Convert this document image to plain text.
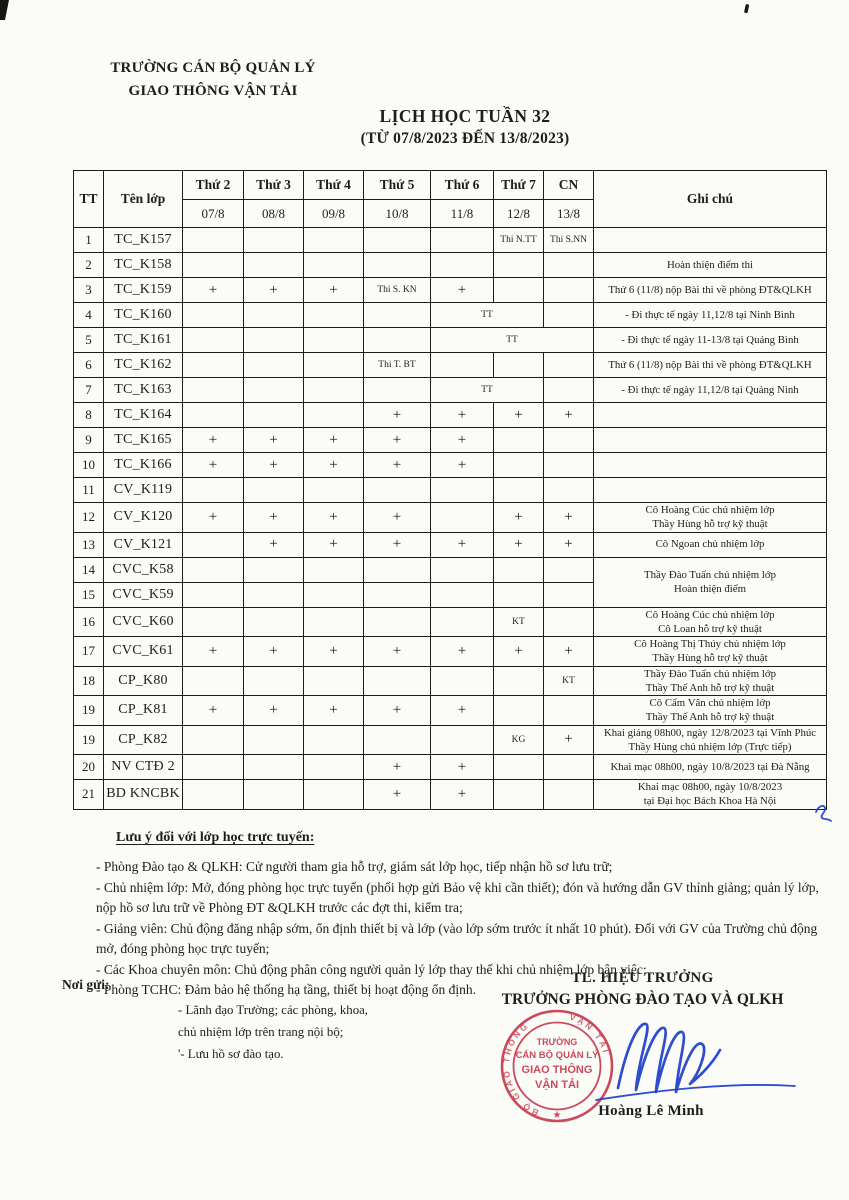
TRƯỜNG CÁN BỘ QUẢN LÝ
GIAO THÔNG VẬN TẢI
LỊCH HỌC TUẦN 32
(TỪ 07/8/2023 ĐẾN 13/8/2023)
TT	Tên lớp	Thứ 2	Thứ 3	Thứ 4	Thứ 5	Thứ 6	Thứ 7	CN	Ghi chú
		07/8	08/8	09/8	10/8	11/8	12/8	13/8	
1	TC_K157						Thi N.TT	Thi S.NN	
2	TC_K158								Hoàn thiện điểm thi

3	TC_K159	+	+	+	Thi S. KN	+			Thứ 6 (11/8) nộp Bài thi về phòng ĐT&QLKH

4	TC_K160					TT			- Đi thực tế ngày 11,12/8 tại Ninh Bình

5	TC_K161					TT			- Đi thực tế ngày 11-13/8 tại Quảng Bình

6	TC_K162				Thi T. BT				Thứ 6 (11/8) nộp Bài thi về phòng ĐT&QLKH

7	TC_K163					TT			- Đi thực tế ngày 11,12/8 tại Quảng Ninh

8	TC_K164				+	+	+	+	
9	TC_K165	+	+	+	+	+			
10	TC_K166	+	+	+	+	+			
11	CV_K119								
12	CV_K120	+	+	+	+		+	+	Cô Hoàng Cúc chủ nhiệm lớp
Thầy Hùng hỗ trợ kỹ thuật

13	CV_K121		+	+	+	+	+	+	Cô Ngoan chủ nhiệm lớp

14	CVC_K58								Thầy Đào Tuấn chủ nhiệm lớp
Hoàn thiện điểm

15	CVC_K59								
16	CVC_K60						KT		Cô Hoàng Cúc chủ nhiệm lớp
Cô Loan hỗ trợ kỹ thuật

17	CVC_K61	+	+	+	+	+	+	+	Cô Hoàng Thị Thúy chủ nhiệm lớp
Thầy Hùng hỗ trợ kỹ thuật

18	CP_K80							KT	Thầy Đào Tuấn chủ nhiệm lớp
Thầy Thế Anh hỗ trợ kỹ thuật

19	CP_K81	+	+	+	+	+			Cô Cẩm Vân chủ nhiệm lớp
Thầy Thế Anh hỗ trợ kỹ thuật

19	CP_K82						KG	+	Khai giảng 08h00, ngày 12/8/2023 tại Vĩnh Phúc
Thầy Hùng chủ nhiệm lớp (Trực tiếp)

20	NV CTĐ 2				+	+			Khai mạc 08h00, ngày 10/8/2023 tại Đà Nẵng

21	BD KNCBK				+	+			Khai mạc 08h00, ngày 10/8/2023
tại Đại học Bách Khoa Hà Nội
Lưu ý đối với lớp học trực tuyến:
- Phòng Đào tạo & QLKH: Cử người tham gia hỗ trợ, giám sát lớp học, tiếp nhận hồ sơ lưu trữ;
- Chủ nhiệm lớp: Mở, đóng phòng học trực tuyến (phối hợp gửi Bảo vệ khi cần thiết); đón và hướng dẫn GV thỉnh giảng; quản lý lớp, nộp hồ sơ lưu trữ về Phòng ĐT &QLKH trước các đợt thi, kiểm tra;
- Giảng viên: Chủ động đăng nhập sớm, ổn định thiết bị và lớp (vào lớp sớm trước ít nhất 10 phút). Đối với GV của Trường chủ động mở, đóng phòng học trực tuyến;
- Các Khoa chuyên môn: Chủ động phân công người quản lý lớp thay thế khi chủ nhiệm lớp bận việc;
- Phòng TCHC: Đảm bảo hệ thống hạ tầng, thiết bị hoạt động ổn định.
Nơi gửi:
- Lãnh đạo Trường; các phòng, khoa,
chủ nhiệm lớp trên trang nội bộ;
'- Lưu hồ sơ đào tạo.
TL. HIỆU TRƯỞNG
TRƯỞNG PHÒNG ĐÀO TẠO VÀ QLKH
VẬN TẢI
BỘ GIAO THÔNG
TRƯỜNG
CÁN BỘ QUẢN LÝ
GIAO THÔNG
VẬN TẢI
★	Hoàng Lê Minh
